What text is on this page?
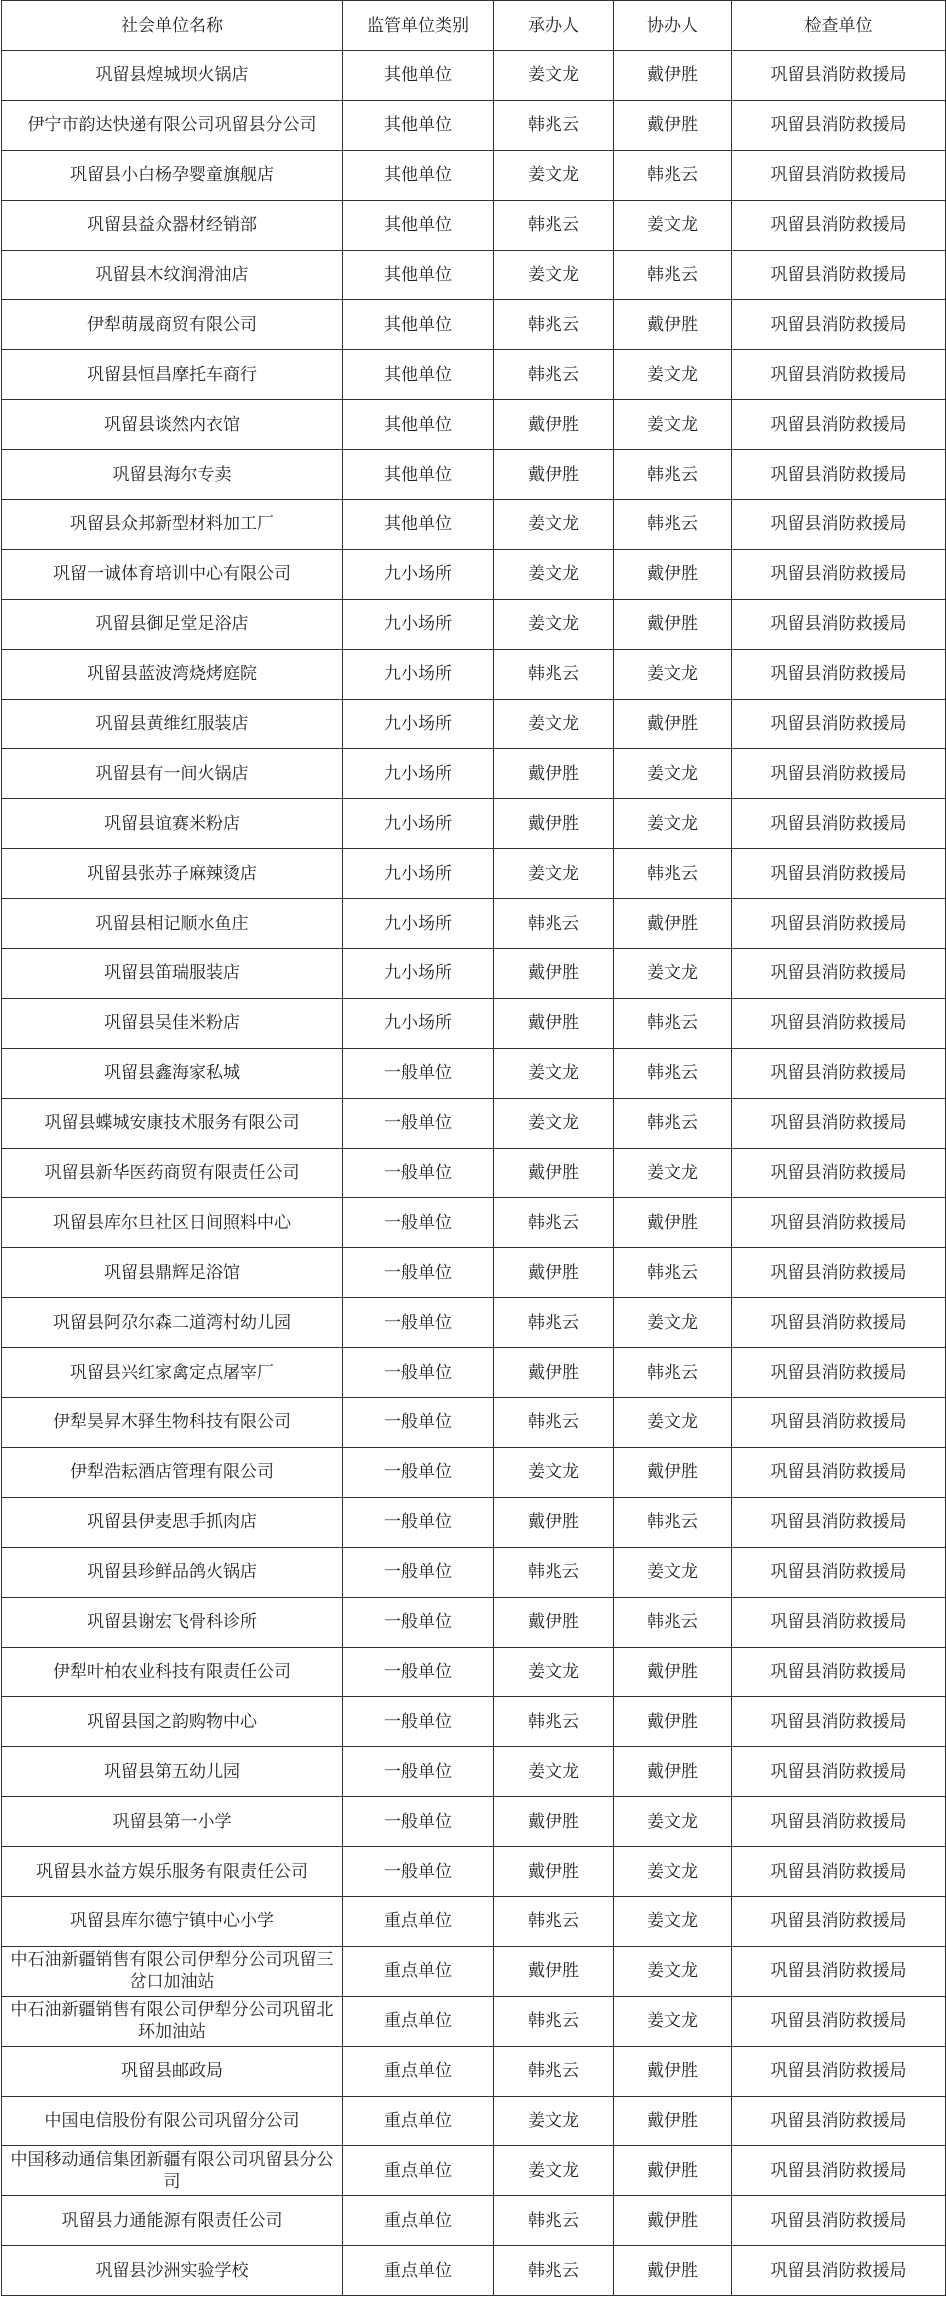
社会单位名称	监管单位类别	承办人	协办人	检查单位
巩留县煌城坝火锅店	其他单位	姜文龙	戴伊胜	巩留县消防救援局
伊宁市韵达快递有限公司巩留县分公司	其他单位	韩兆云	戴伊胜	巩留县消防救援局
巩留县小白杨孕婴童旗舰店	其他单位	姜文龙	韩兆云	巩留县消防救援局
巩留县益众器材经销部	其他单位	韩兆云	姜文龙	巩留县消防救援局
巩留县木纹润滑油店	其他单位	姜文龙	韩兆云	巩留县消防救援局
伊犁萌晟商贸有限公司	其他单位	韩兆云	戴伊胜	巩留县消防救援局
巩留县恒昌摩托车商行	其他单位	韩兆云	姜文龙	巩留县消防救援局
巩留县谈然内衣馆	其他单位	戴伊胜	姜文龙	巩留县消防救援局
巩留县海尔专卖	其他单位	戴伊胜	韩兆云	巩留县消防救援局
巩留县众邦新型材料加工厂	其他单位	姜文龙	韩兆云	巩留县消防救援局
巩留一诚体育培训中心有限公司	九小场所	姜文龙	戴伊胜	巩留县消防救援局
巩留县御足堂足浴店	九小场所	姜文龙	戴伊胜	巩留县消防救援局
巩留县蓝波湾烧烤庭院	九小场所	韩兆云	姜文龙	巩留县消防救援局
巩留县黄维红服装店	九小场所	姜文龙	戴伊胜	巩留县消防救援局
巩留县有一间火锅店	九小场所	戴伊胜	姜文龙	巩留县消防救援局
巩留县谊赛米粉店	九小场所	戴伊胜	姜文龙	巩留县消防救援局
巩留县张苏子麻辣烫店	九小场所	姜文龙	韩兆云	巩留县消防救援局
巩留县相记顺水鱼庄	九小场所	韩兆云	戴伊胜	巩留县消防救援局
巩留县笛瑞服装店	九小场所	戴伊胜	姜文龙	巩留县消防救援局
巩留县吴佳米粉店	九小场所	戴伊胜	韩兆云	巩留县消防救援局
巩留县鑫海家私城	一般单位	姜文龙	韩兆云	巩留县消防救援局
巩留县蝶城安康技术服务有限公司	一般单位	姜文龙	韩兆云	巩留县消防救援局
巩留县新华医药商贸有限责任公司	一般单位	戴伊胜	姜文龙	巩留县消防救援局
巩留县库尔旦社区日间照料中心	一般单位	韩兆云	戴伊胜	巩留县消防救援局
巩留县鼎辉足浴馆	一般单位	戴伊胜	韩兆云	巩留县消防救援局
巩留县阿尕尔森二道湾村幼儿园	一般单位	韩兆云	姜文龙	巩留县消防救援局
巩留县兴红家禽定点屠宰厂	一般单位	戴伊胜	韩兆云	巩留县消防救援局
伊犁昊昇木驿生物科技有限公司	一般单位	韩兆云	姜文龙	巩留县消防救援局
伊犁浩耘酒店管理有限公司	一般单位	姜文龙	戴伊胜	巩留县消防救援局
巩留县伊麦思手抓肉店	一般单位	戴伊胜	韩兆云	巩留县消防救援局
巩留县珍鲜品鸽火锅店	一般单位	韩兆云	姜文龙	巩留县消防救援局
巩留县谢宏飞骨科诊所	一般单位	戴伊胜	韩兆云	巩留县消防救援局
伊犁叶柏农业科技有限责任公司	一般单位	姜文龙	戴伊胜	巩留县消防救援局
巩留县国之韵购物中心	一般单位	韩兆云	戴伊胜	巩留县消防救援局
巩留县第五幼儿园	一般单位	姜文龙	戴伊胜	巩留县消防救援局
巩留县第一小学	一般单位	戴伊胜	姜文龙	巩留县消防救援局
巩留县水益方娱乐服务有限责任公司	一般单位	戴伊胜	姜文龙	巩留县消防救援局
巩留县库尔德宁镇中心小学	重点单位	韩兆云	姜文龙	巩留县消防救援局
中石油新疆销售有限公司伊犁分公司巩留三岔口加油站	重点单位	戴伊胜	姜文龙	巩留县消防救援局
中石油新疆销售有限公司伊犁分公司巩留北环加油站	重点单位	韩兆云	姜文龙	巩留县消防救援局
巩留县邮政局	重点单位	韩兆云	戴伊胜	巩留县消防救援局
中国电信股份有限公司巩留分公司	重点单位	姜文龙	戴伊胜	巩留县消防救援局
中国移动通信集团新疆有限公司巩留县分公司	重点单位	姜文龙	戴伊胜	巩留县消防救援局
巩留县力通能源有限责任公司	重点单位	韩兆云	戴伊胜	巩留县消防救援局
巩留县沙洲实验学校	重点单位	韩兆云	戴伊胜	巩留县消防救援局
